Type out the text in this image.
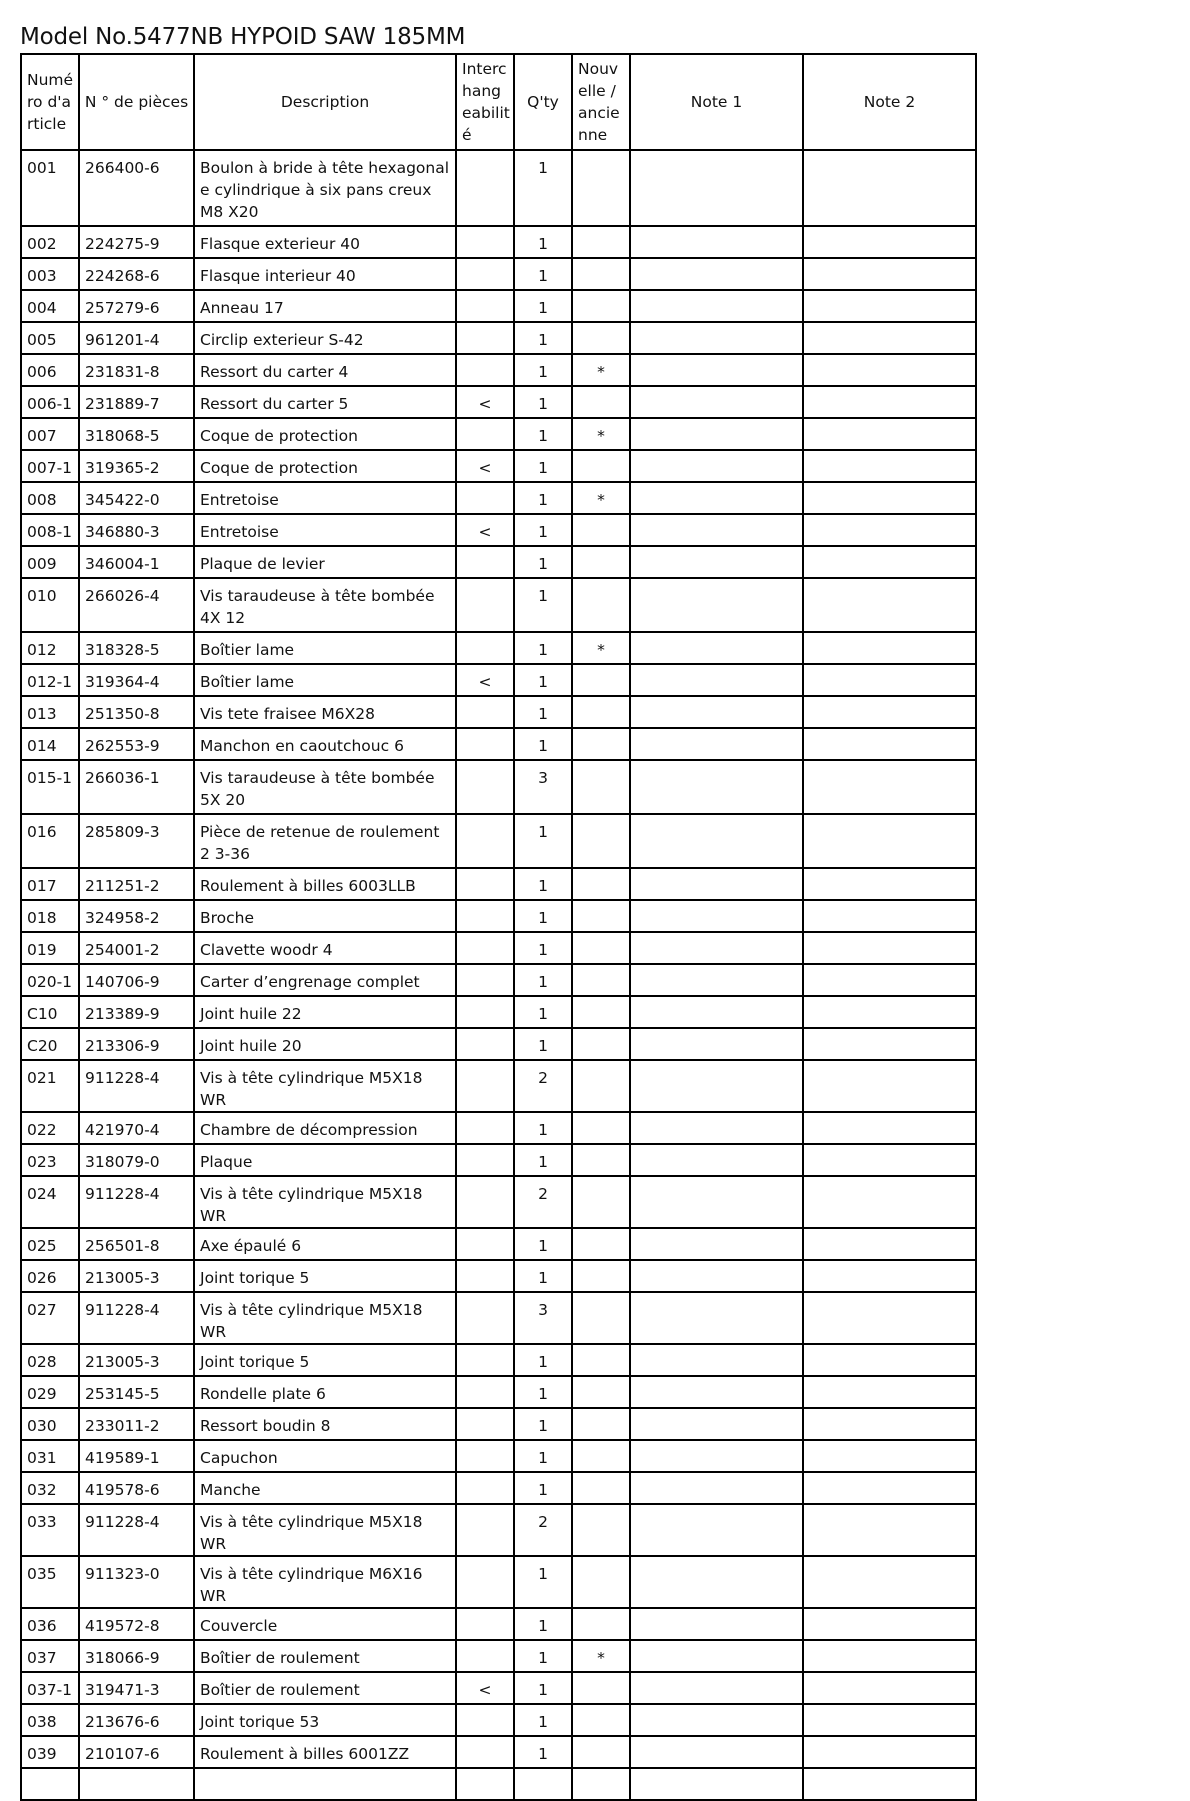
Model No.5477NB HYPOID SAW 185MM
Numé ro d'a rticle	N ° de pièces	Description	Interc hang eabilit é	Q'ty	Nouv elle / ancie nne	Note 1	Note 2
001	266400-6	Boulon à bride à tête hexagonal e cylindrique à six pans creux M8 X20		1			
002	224275-9	Flasque exterieur 40		1			
003	224268-6	Flasque interieur 40		1			
004	257279-6	Anneau 17		1			
005	961201-4	Circlip exterieur S-42		1			
006	231831-8	Ressort du carter 4		1	*		
006-1	231889-7	Ressort du carter 5	<	1			
007	318068-5	Coque de protection		1	*		
007-1	319365-2	Coque de protection	<	1			
008	345422-0	Entretoise		1	*		
008-1	346880-3	Entretoise	<	1			
009	346004-1	Plaque de levier		1			
010	266026-4	Vis taraudeuse à tête bombée 4X 12		1			
012	318328-5	Boîtier lame		1	*		
012-1	319364-4	Boîtier lame	<	1			
013	251350-8	Vis tete fraisee M6X28		1			
014	262553-9	Manchon en caoutchouc 6		1			
015-1	266036-1	Vis taraudeuse à tête bombée 5X 20		3			
016	285809-3	Pièce de retenue de roulement 2 3-36		1			
017	211251-2	Roulement à billes 6003LLB		1			
018	324958-2	Broche		1			
019	254001-2	Clavette woodr 4		1			
020-1	140706-9	Carter d’engrenage complet		1			
C10	213389-9	Joint huile 22		1			
C20	213306-9	Joint huile 20		1			
021	911228-4	Vis à tête cylindrique M5X18 WR		2			
022	421970-4	Chambre de décompression		1			
023	318079-0	Plaque		1			
024	911228-4	Vis à tête cylindrique M5X18 WR		2			
025	256501-8	Axe épaulé 6		1			
026	213005-3	Joint torique 5		1			
027	911228-4	Vis à tête cylindrique M5X18 WR		3			
028	213005-3	Joint torique 5		1			
029	253145-5	Rondelle plate 6		1			
030	233011-2	Ressort boudin 8		1			
031	419589-1	Capuchon		1			
032	419578-6	Manche		1			
033	911228-4	Vis à tête cylindrique M5X18 WR		2			
035	911323-0	Vis à tête cylindrique M6X16 WR		1			
036	419572-8	Couvercle		1			
037	318066-9	Boîtier de roulement		1	*		
037-1	319471-3	Boîtier de roulement	<	1			
038	213676-6	Joint torique 53		1			
039	210107-6	Roulement à billes 6001ZZ		1			
